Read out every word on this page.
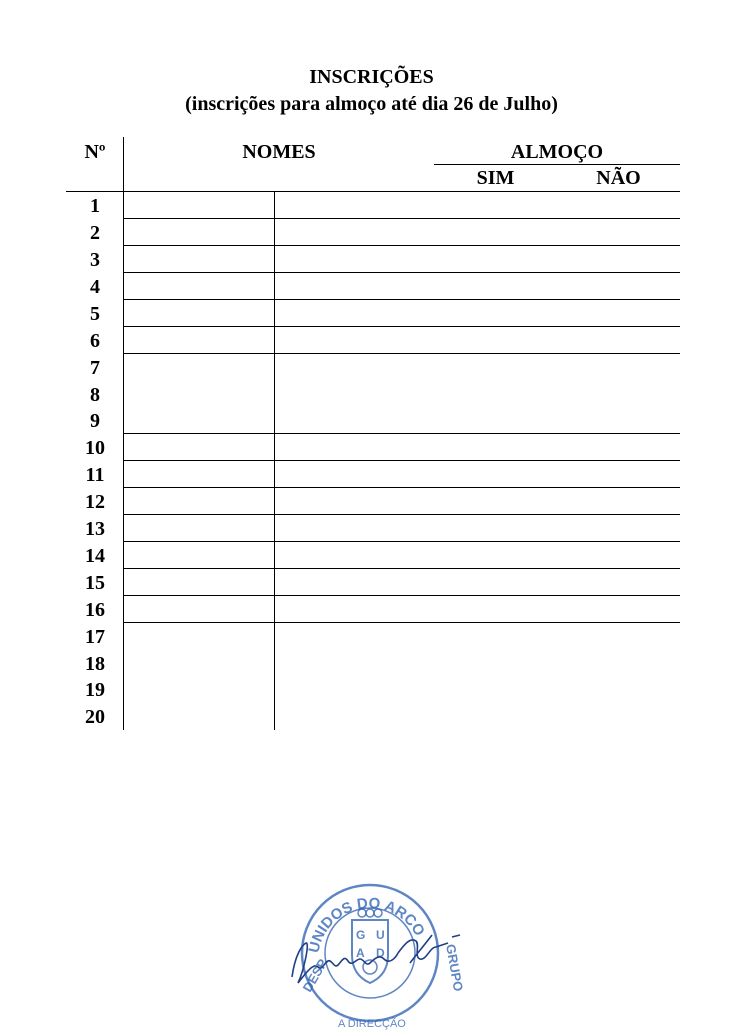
INSCRIÇÕES
(inscrições para almoço até dia 26 de Julho)
Nº	NOMES	ALMOÇO
SIM	NÃO
1
2
3
4
5
6
7
8
9
10
11
12
13
14
15
16
17
18
19
20
UNIDOS DO ARCO
G U
A D	GRUPO
DESP.
A DIRECÇÃO
